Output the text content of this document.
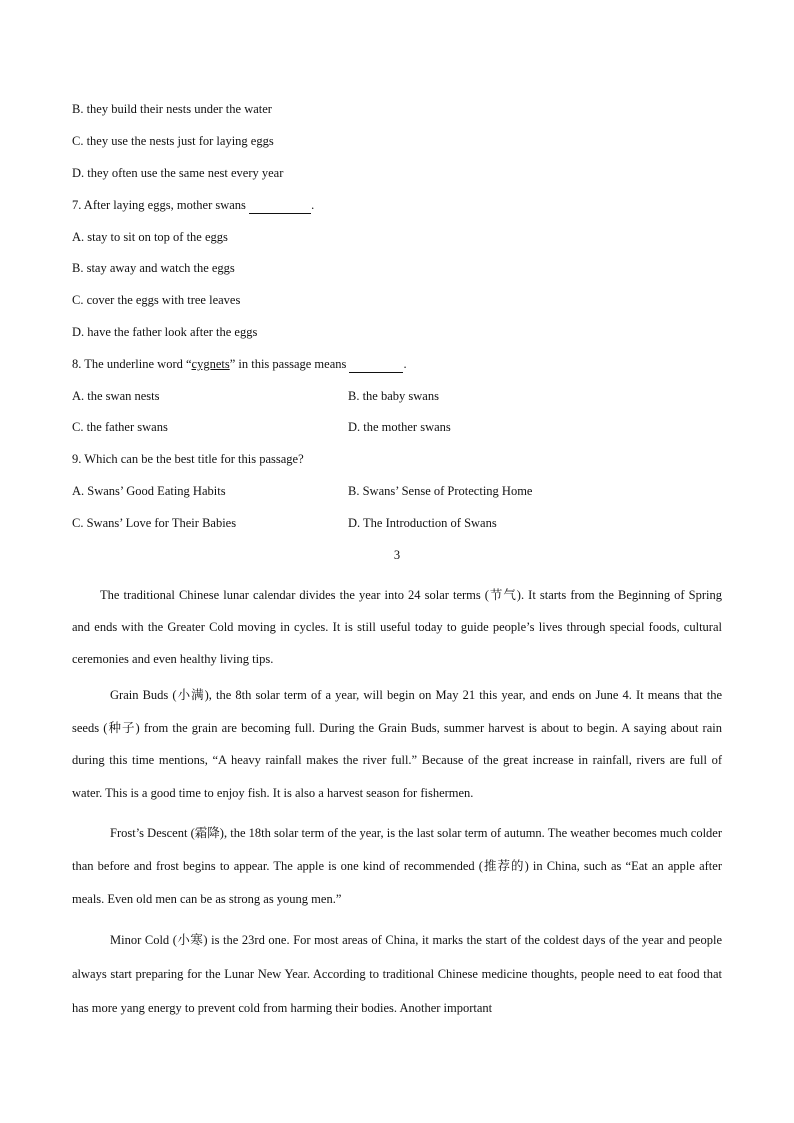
B. they build their nests under the water
C. they use the nests just for laying eggs
D. they often use the same nest every year
7. After laying eggs, mother swans	.
A. stay to sit on top of the eggs
B. stay away and watch the eggs
C. cover the eggs with tree leaves
D. have the father look after the eggs
8. The underline word “cygnets” in this passage means	.
A. the swan nests	B. the baby swans
C. the father swans	D. the mother swans
9. Which can be the best title for this passage?
A. Swans’ Good Eating Habits	B. Swans’ Sense of Protecting Home
C. Swans’ Love for Their Babies	D. The Introduction of Swans
3

The traditional Chinese lunar calendar divides the year into 24 solar terms (节气). It starts from the Beginning of Spring and ends with the Greater Cold moving in cycles. It is still useful today to guide people’s lives through special foods, cultural ceremonies and even healthy living tips.

Grain Buds (小满), the 8th solar term of a year, will begin on May 21 this year, and ends on June 4. It means that the seeds (种子) from the grain are becoming full. During the Grain Buds, summer harvest is about to begin. A saying about rain during this time mentions, “A heavy rainfall makes the river full.” Because of the great increase in rainfall, rivers are full of water. This is a good time to enjoy fish. It is also a harvest season for fishermen.

Frost’s Descent (霜降), the 18th solar term of the year, is the last solar term of autumn. The weather becomes much colder than before and frost begins to appear. The apple is one kind of recommended (推荐的) in China, such as “Eat an apple after meals. Even old men can be as strong as young men.”

Minor Cold (小寒) is the 23rd one. For most areas of China, it marks the start of the coldest days of the year and people always start preparing for the Lunar New Year. According to traditional Chinese medicine thoughts, people need to eat food that has more yang energy to prevent cold from harming their bodies. Another important
